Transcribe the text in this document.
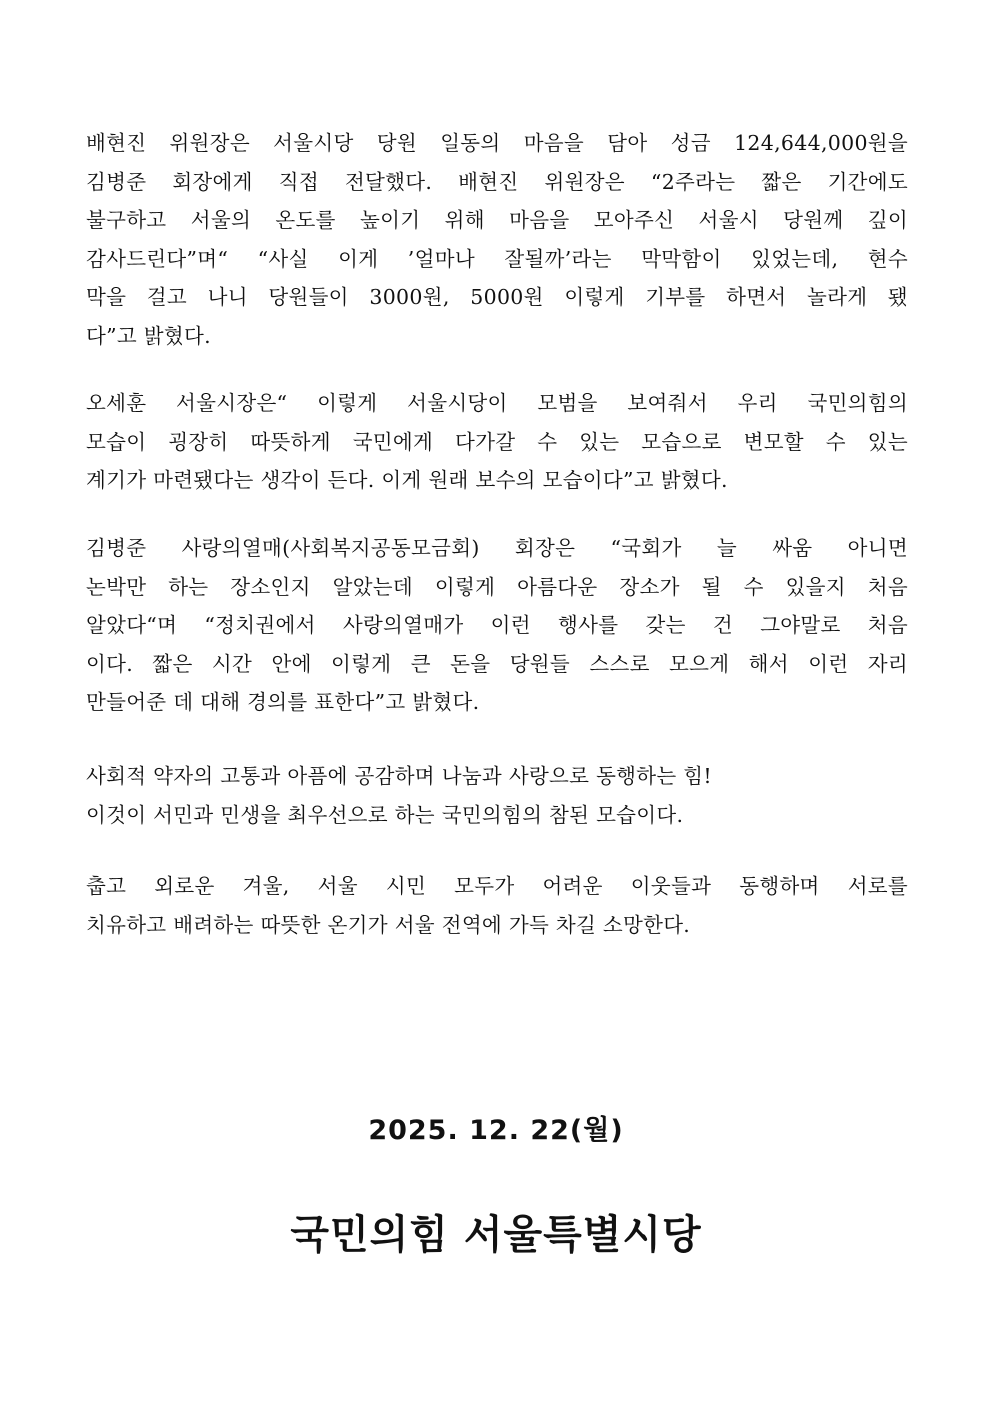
배현진 위원장은 서울시당 당원 일동의 마음을 담아 성금 124,644,000원을
김병준 회장에게 직접 전달했다. 배현진 위원장은 “2주라는 짧은 기간에도
불구하고 서울의 온도를 높이기 위해 마음을 모아주신 서울시 당원께 깊이
감사드린다”며“ “사실 이게 ’얼마나 잘될까’라는 막막함이 있었는데, 현수
막을 걸고 나니 당원들이 3000원, 5000원 이렇게 기부를 하면서 놀라게 됐
다”고 밝혔다.

오세훈 서울시장은“ 이렇게 서울시당이 모범을 보여줘서 우리 국민의힘의
모습이 굉장히 따뜻하게 국민에게 다가갈 수 있는 모습으로 변모할 수 있는
계기가 마련됐다는 생각이 든다. 이게 원래 보수의 모습이다”고 밝혔다.

김병준 사랑의열매(사회복지공동모금회) 회장은 “국회가 늘 싸움 아니면
논박만 하는 장소인지 알았는데 이렇게 아름다운 장소가 될 수 있을지 처음
알았다“며 “정치권에서 사랑의열매가 이런 행사를 갖는 건 그야말로 처음
이다. 짧은 시간 안에 이렇게 큰 돈을 당원들 스스로 모으게 해서 이런 자리
만들어준 데 대해 경의를 표한다”고 밝혔다.

사회적 약자의 고통과 아픔에 공감하며 나눔과 사랑으로 동행하는 힘!
이것이 서민과 민생을 최우선으로 하는 국민의힘의 참된 모습이다.

춥고 외로운 겨울, 서울 시민 모두가 어려운 이웃들과 동행하며 서로를
치유하고 배려하는 따뜻한 온기가 서울 전역에 가득 차길 소망한다.

2025. 12. 22(월)
국민의힘 서울특별시당
